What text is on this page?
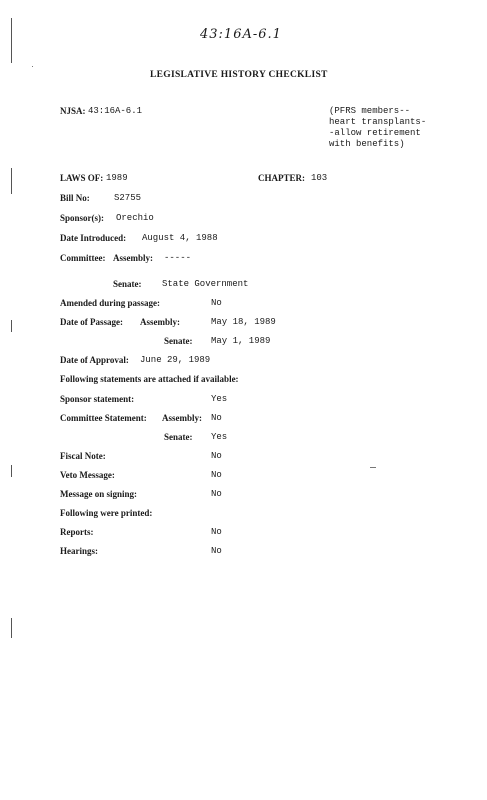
43:16A-6.1
LEGISLATIVE HISTORY CHECKLIST
NJSA: 43:16A-6.1	(PFRS members--
heart transplants-
-allow retirement
with benefits)
LAWS OF: 1989	CHAPTER: 103
Bill No:	S2755
Sponsor(s): Orechio
Date Introduced: August 4, 1988
Committee: Assembly: -----
Senate: State Government
Amended during passage:	No
Date of Passage: Assembly:	May 18, 1989
Senate: May 1, 1989
Date of Approval: June 29, 1989
Following statements are attached if available:
Sponsor statement:	Yes
Committee Statement: Assembly: No
Senate: Yes
Fiscal Note:	No
Veto Message:	No
Message on signing:	No
Following were printed:
Reports:	No
Hearings:	No
